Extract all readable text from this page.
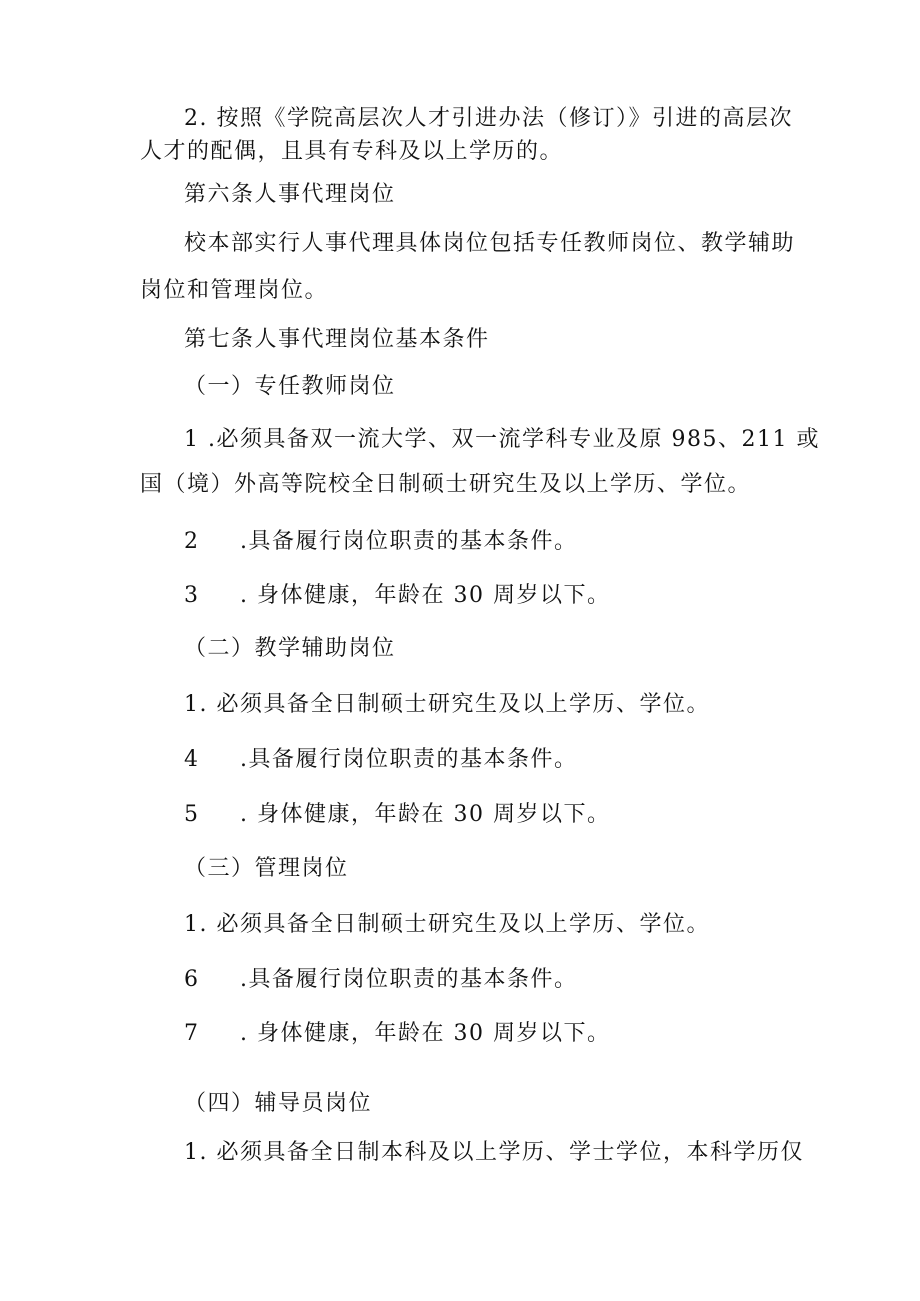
2. 按照《学院高层次人才引进办法（修订）》引进的高层次
人才的配偶，且具有专科及以上学历的。
第六条人事代理岗位
校本部实行人事代理具体岗位包括专任教师岗位、教学辅助
岗位和管理岗位。
第七条人事代理岗位基本条件
（一）专任教师岗位
1 .必须具备双一流大学、双一流学科专业及原 985、211 或
国（境）外高等院校全日制硕士研究生及以上学历、学位。
2 .具备履行岗位职责的基本条件。
3 . 身体健康，年龄在 30 周岁以下。
（二）教学辅助岗位
1. 必须具备全日制硕士研究生及以上学历、学位。
4 .具备履行岗位职责的基本条件。
5 . 身体健康，年龄在 30 周岁以下。
（三）管理岗位
1. 必须具备全日制硕士研究生及以上学历、学位。
6 .具备履行岗位职责的基本条件。
7 . 身体健康，年龄在 30 周岁以下。
（四）辅导员岗位
1. 必须具备全日制本科及以上学历、学士学位，本科学历仅
